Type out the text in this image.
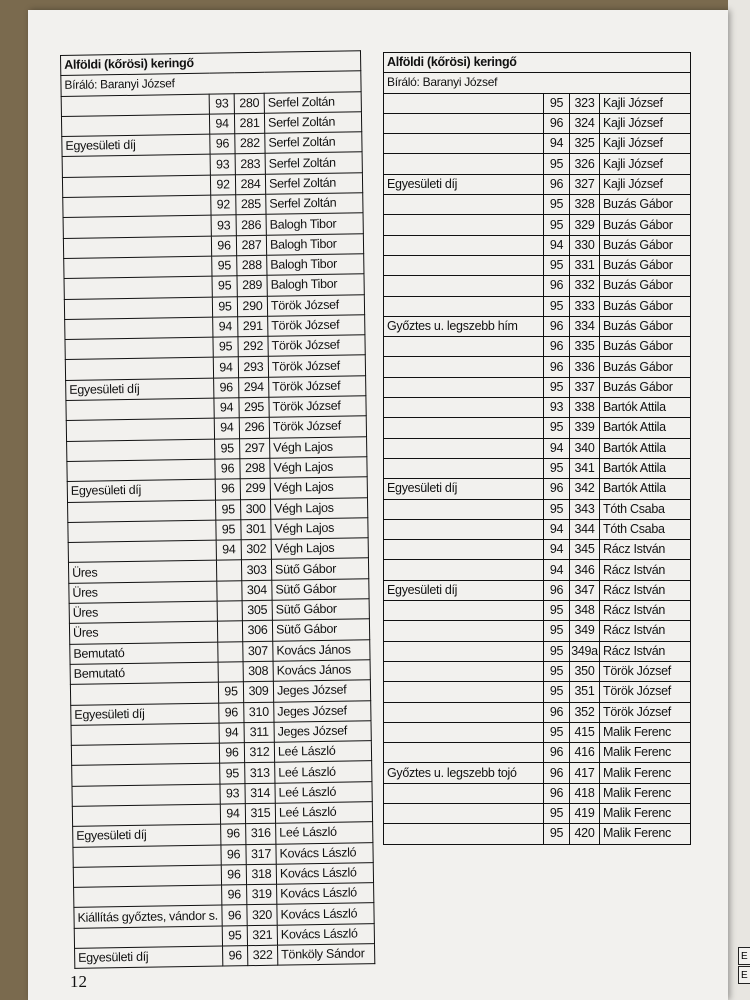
E
E
Alföldi (kőrösi) keringő			
Bíráló: Baranyi József			
	93	280	Serfel Zoltán
	94	281	Serfel Zoltán
Egyesületi díj	96	282	Serfel Zoltán
	93	283	Serfel Zoltán
	92	284	Serfel Zoltán
	92	285	Serfel Zoltán
	93	286	Balogh Tibor
	96	287	Balogh Tibor
	95	288	Balogh Tibor
	95	289	Balogh Tibor
	95	290	Török József
	94	291	Török József
	95	292	Török József
	94	293	Török József
Egyesületi díj	96	294	Török József
	94	295	Török József
	94	296	Török József
	95	297	Végh Lajos
	96	298	Végh Lajos
Egyesületi díj	96	299	Végh Lajos
	95	300	Végh Lajos
	95	301	Végh Lajos
	94	302	Végh Lajos
Üres		303	Sütő Gábor
Üres		304	Sütő Gábor
Üres		305	Sütő Gábor
Üres		306	Sütő Gábor
Bemutató		307	Kovács János
Bemutató		308	Kovács János
	95	309	Jeges József
Egyesületi díj	96	310	Jeges József
	94	311	Jeges József
	96	312	Leé László
	95	313	Leé László
	93	314	Leé László
	94	315	Leé László
Egyesületi díj	96	316	Leé László
	96	317	Kovács László
	96	318	Kovács László
	96	319	Kovács László
Kiállítás győztes, vándor s.	96	320	Kovács László
	95	321	Kovács László
Egyesületi díj	96	322	Tönköly Sándor
Alföldi (kőrösi) keringő			
Bíráló: Baranyi József			
	95	323	Kajli József
	96	324	Kajli József
	94	325	Kajli József
	95	326	Kajli József
Egyesületi díj	96	327	Kajli József
	95	328	Buzás Gábor
	95	329	Buzás Gábor
	94	330	Buzás Gábor
	95	331	Buzás Gábor
	96	332	Buzás Gábor
	95	333	Buzás Gábor
Győztes u. legszebb hím	96	334	Buzás Gábor
	96	335	Buzás Gábor
	96	336	Buzás Gábor
	95	337	Buzás Gábor
	93	338	Bartók Attila
	95	339	Bartók Attila
	94	340	Bartók Attila
	95	341	Bartók Attila
Egyesületi díj	96	342	Bartók Attila
	95	343	Tóth Csaba
	94	344	Tóth Csaba
	94	345	Rácz István
	94	346	Rácz István
Egyesületi díj	96	347	Rácz István
	95	348	Rácz István
	95	349	Rácz István
	95	349a	Rácz István
	95	350	Török József
	95	351	Török József
	96	352	Török József
	95	415	Malik Ferenc
	96	416	Malik Ferenc
Győztes u. legszebb tojó	96	417	Malik Ferenc
	96	418	Malik Ferenc
	95	419	Malik Ferenc
	95	420	Malik Ferenc
12
